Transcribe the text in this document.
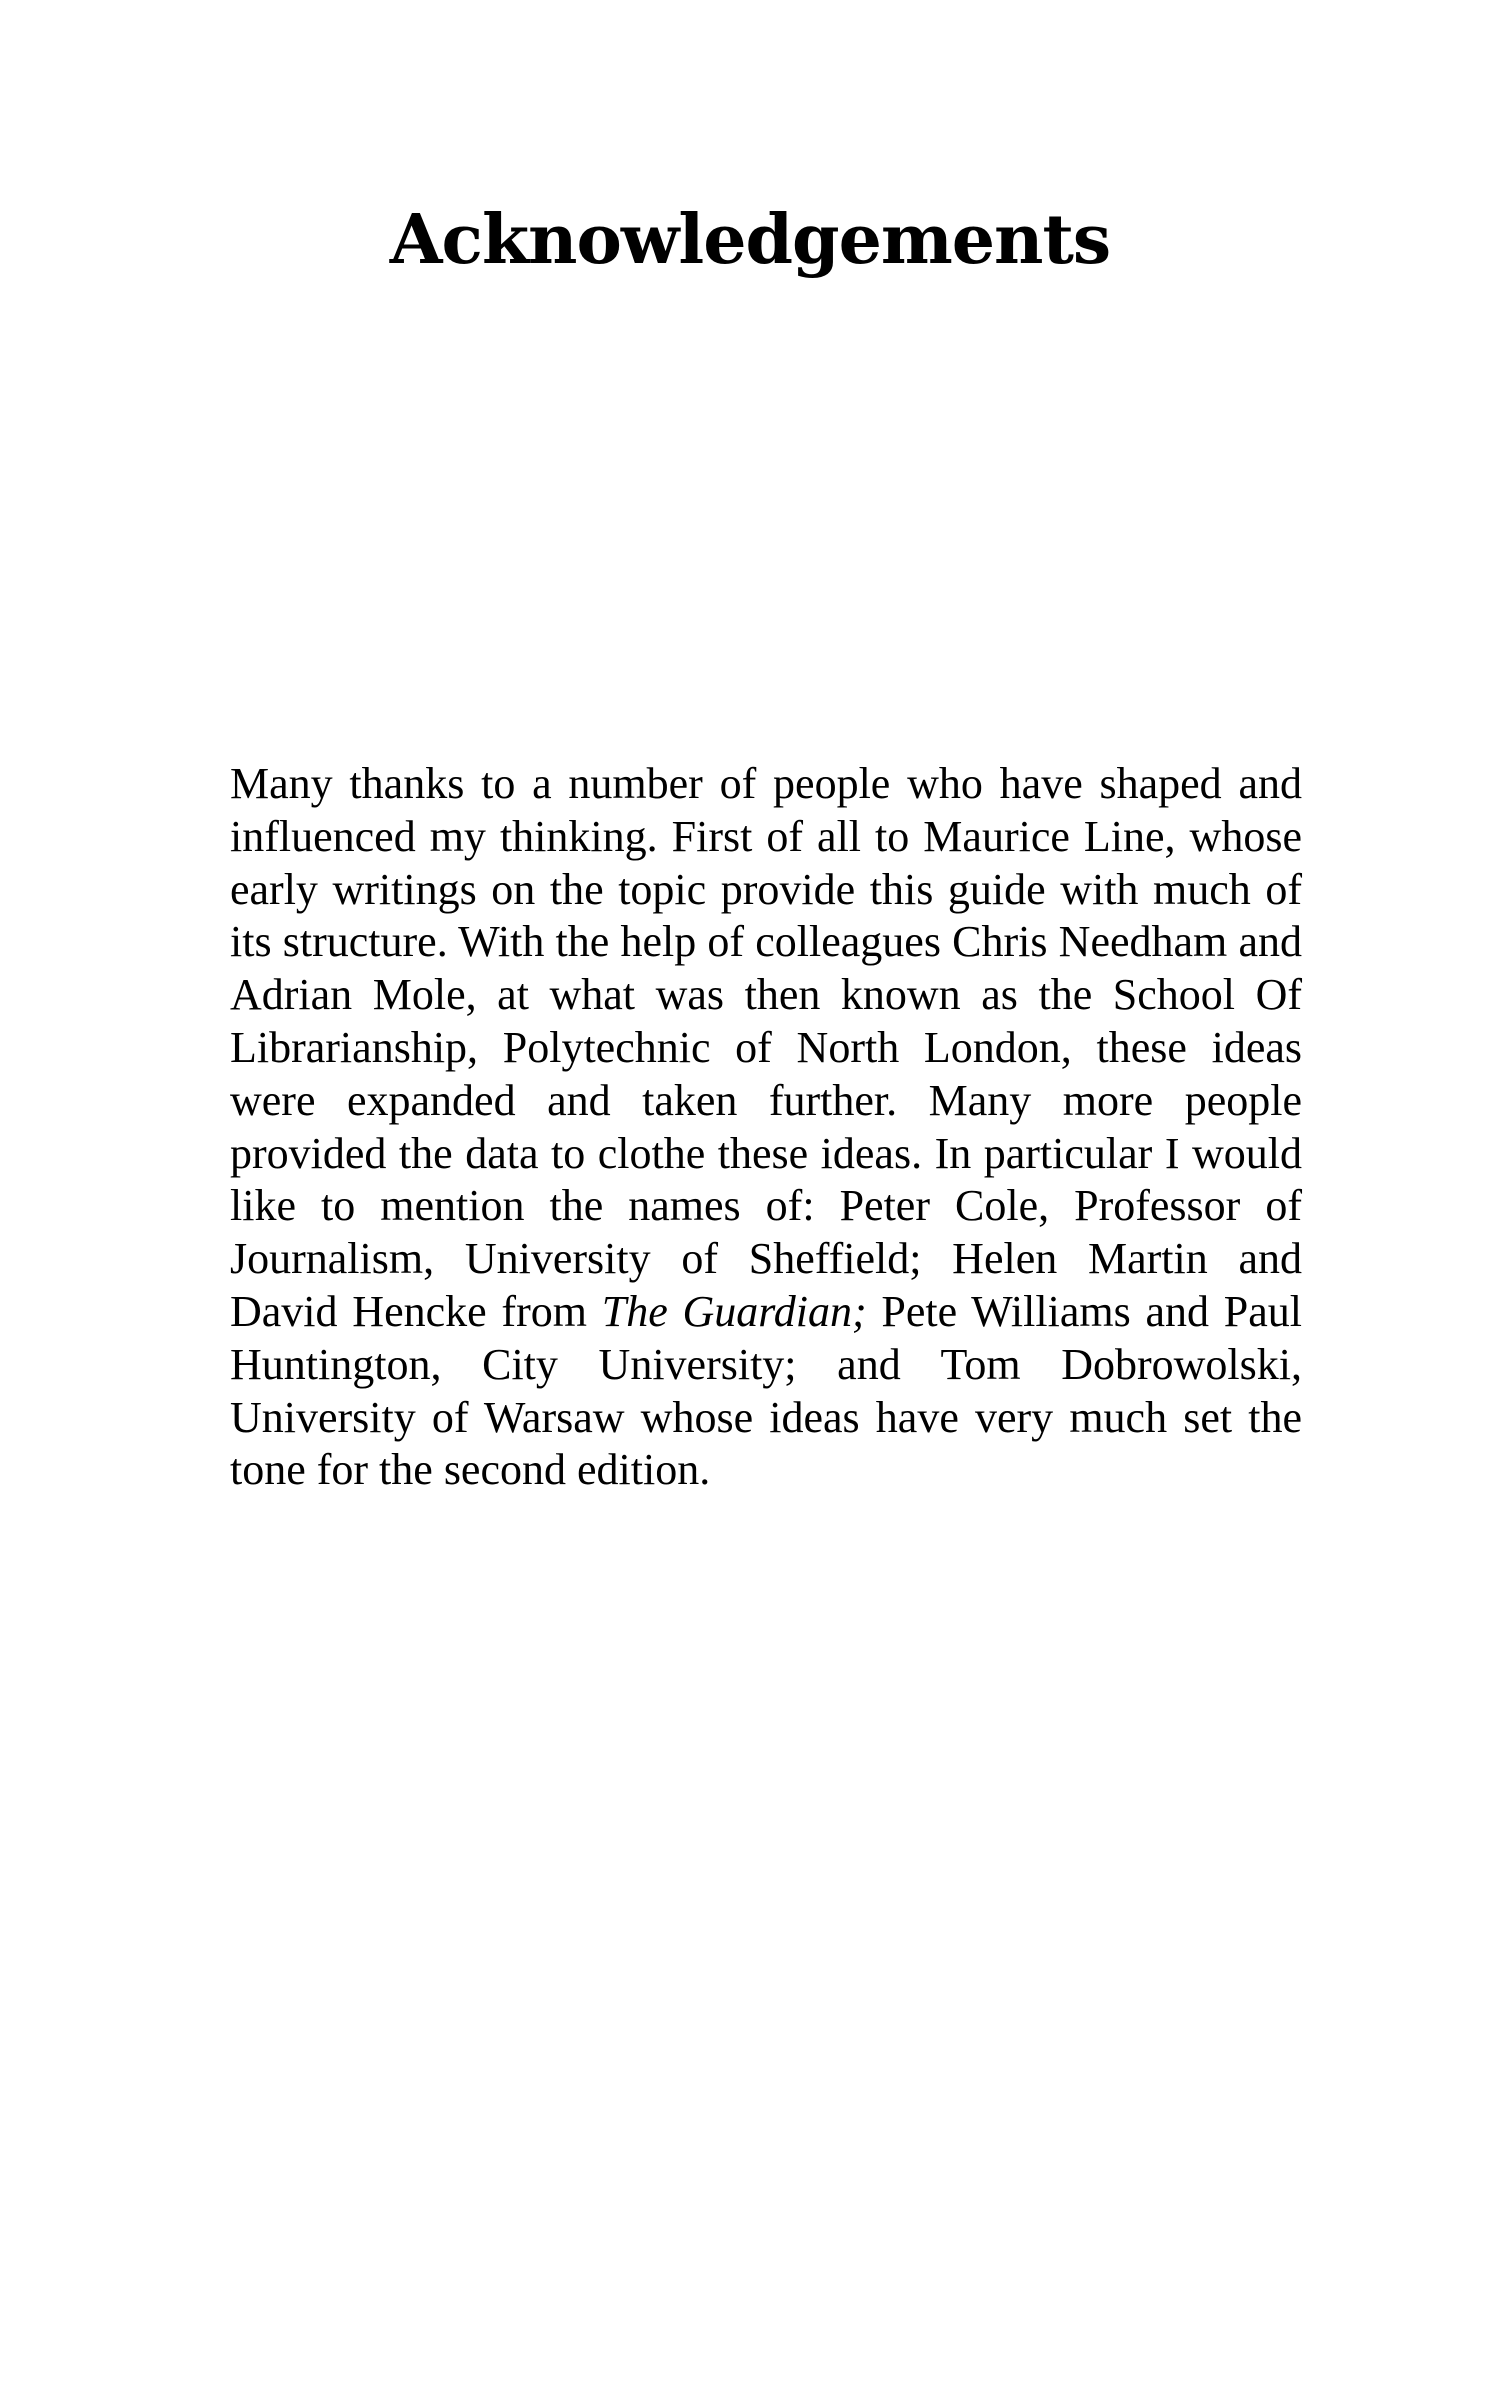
Acknowledgements

Many thanks to a number of people who have shaped and influenced my thinking. First of all to Maurice Line, whose early writings on the topic provide this guide with much of its structure. With the help of colleagues Chris Needham and Adrian Mole, at what was then known as the School Of Librarianship, Polytechnic of North London, these ideas were expanded and taken further. Many more people provided the data to clothe these ideas. In particular I would like to mention the names of: Peter Cole, Professor of Journalism, University of Sheffield; Helen Martin and David Hencke from The Guardian; Pete Williams and Paul Huntington, City University; and Tom Dobrowolski, University of Warsaw whose ideas have very much set the tone for the second edition.
